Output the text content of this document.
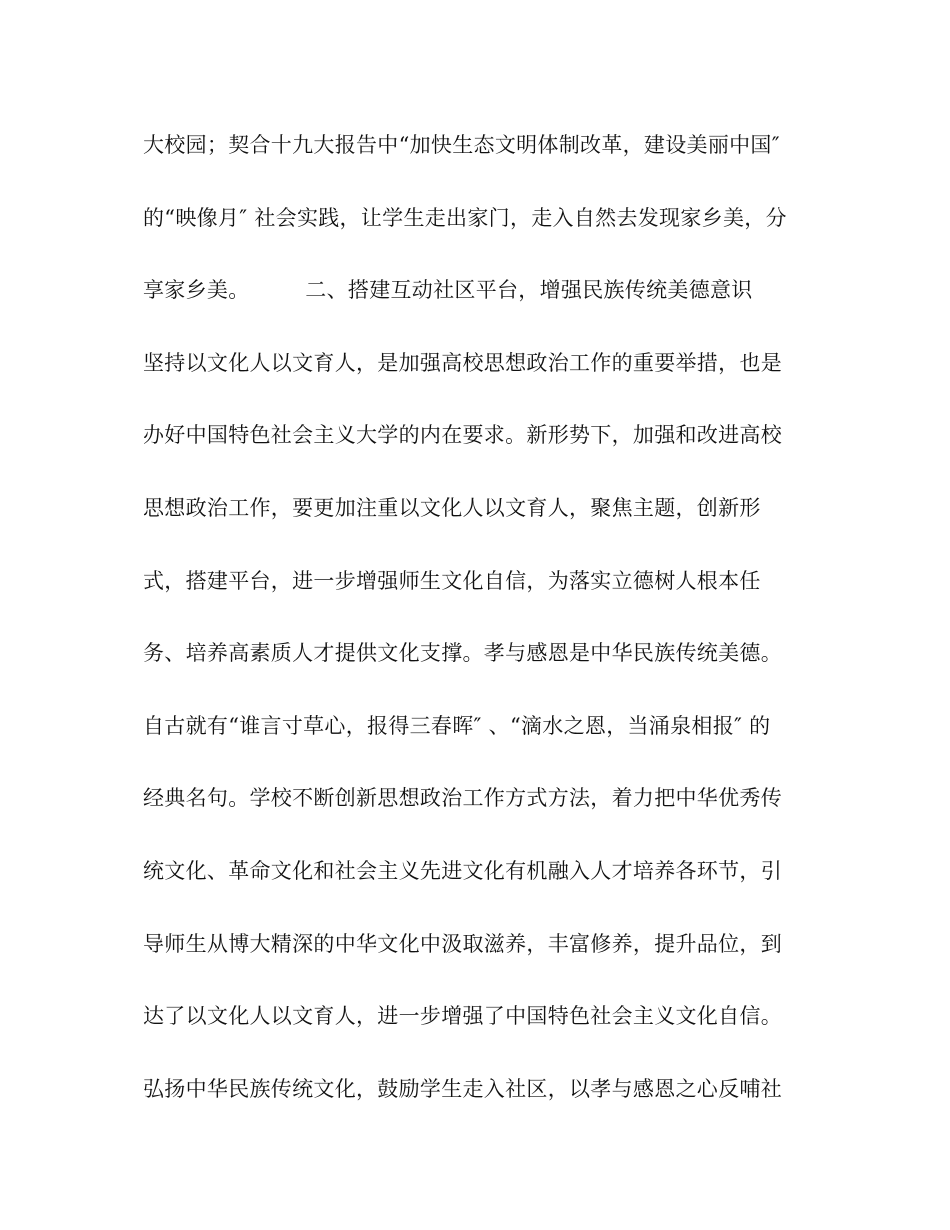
大校园；契合十九大报告中“加快生态文明体制改革，建设美丽中国″
的“映像月″ 社会实践，让学生走出家门，走入自然去发现家乡美，分
享家乡美。        二、搭建互动社区平台，增强民族传统美德意识
坚持以文化人以文育人，是加强高校思想政治工作的重要举措，也是
办好中国特色社会主义大学的内在要求。新形势下，加强和改进高校
思想政治工作，要更加注重以文化人以文育人，聚焦主题，创新形
式，搭建平台，进一步增强师生文化自信，为落实立德树人根本任
务、培养高素质人才提供文化支撑。孝与感恩是中华民族传统美德。
自古就有“谁言寸草心，报得三春晖″ 、“滴水之恩，当涌泉相报″ 的
经典名句。学校不断创新思想政治工作方式方法，着力把中华优秀传
统文化、革命文化和社会主义先进文化有机融入人才培养各环节，引
导师生从博大精深的中华文化中汲取滋养，丰富修养，提升品位，到
达了以文化人以文育人，进一步增强了中国特色社会主义文化自信。
弘扬中华民族传统文化，鼓励学生走入社区，以孝与感恩之心反哺社
